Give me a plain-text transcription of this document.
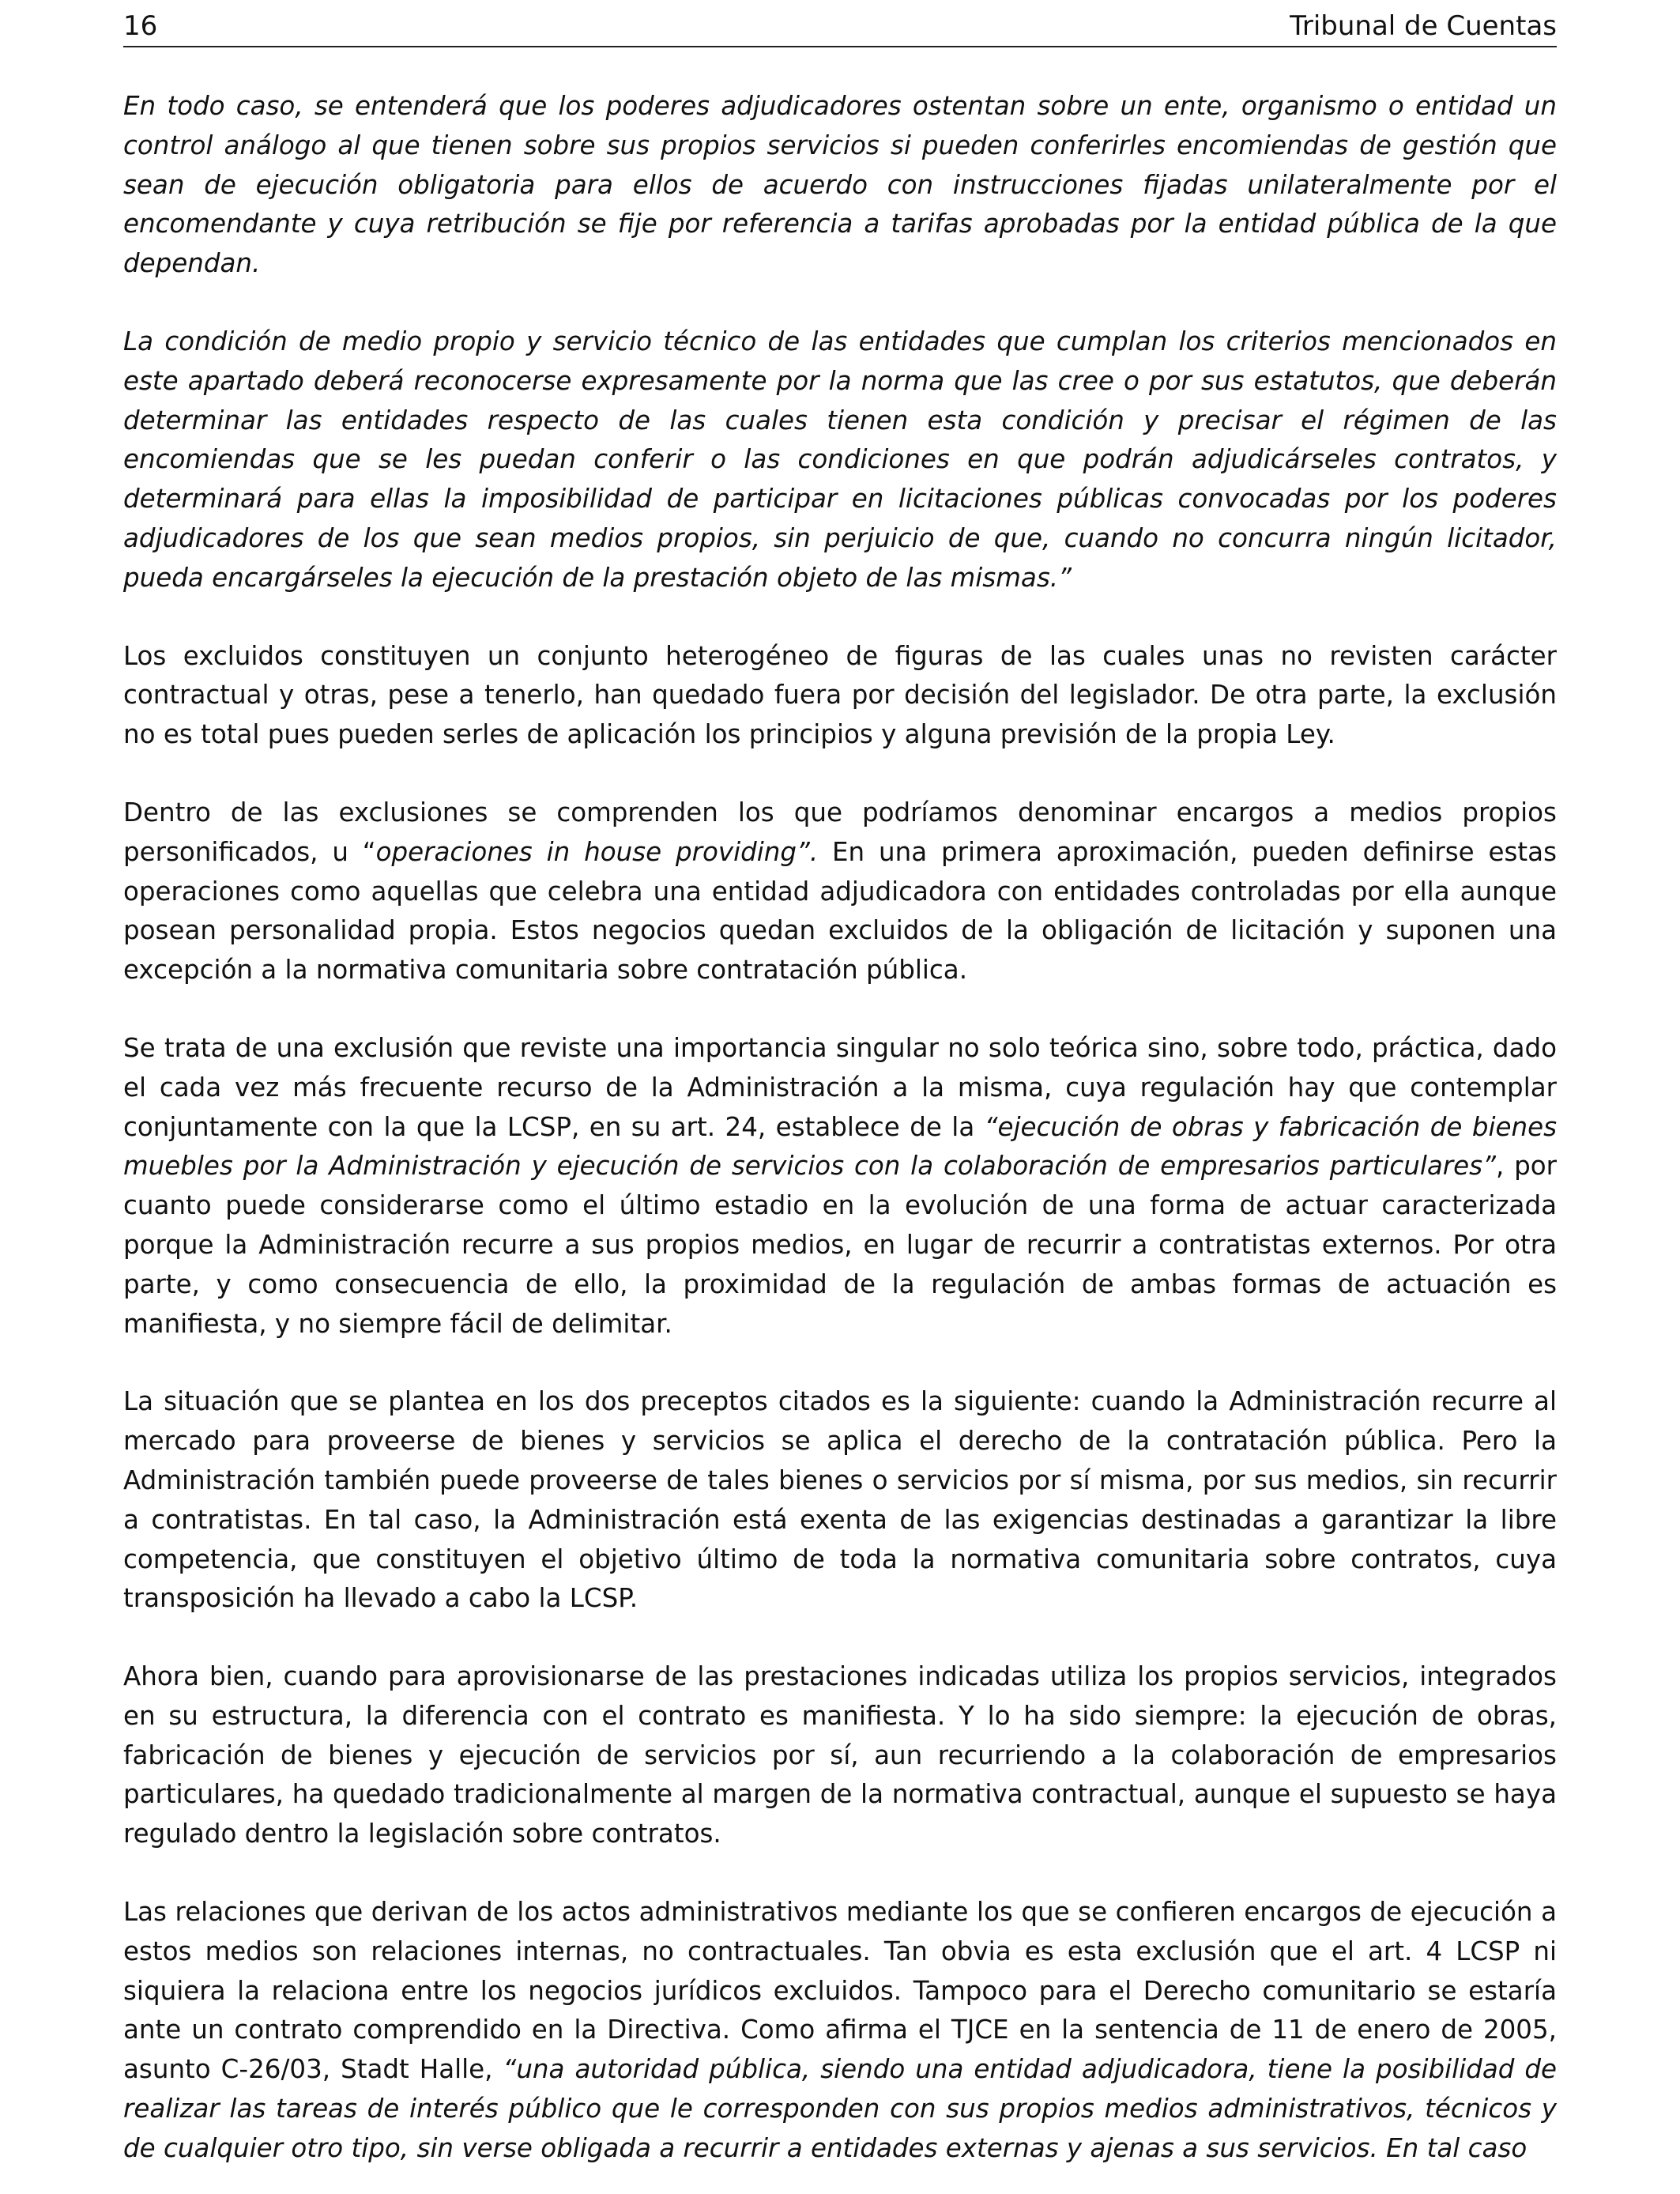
16	Tribunal de Cuentas

En todo caso, se entenderá que los poderes adjudicadores ostentan sobre un ente, organismo o entidad un control análogo al que tienen sobre sus propios servicios si pueden conferirles encomiendas de gestión que sean de ejecución obligatoria para ellos de acuerdo con instrucciones fijadas unilateralmente por el encomendante y cuya retribución se fije por referencia a tarifas aprobadas por la entidad pública de la que dependan.

La condición de medio propio y servicio técnico de las entidades que cumplan los criterios mencionados en este apartado deberá reconocerse expresamente por la norma que las cree o por sus estatutos, que deberán determinar las entidades respecto de las cuales tienen esta condición y precisar el régimen de las encomiendas que se les puedan conferir o las condiciones en que podrán adjudicárseles contratos, y determinará para ellas la imposibilidad de participar en licitaciones públicas convocadas por los poderes adjudicadores de los que sean medios propios, sin perjuicio de que, cuando no concurra ningún licitador, pueda encargárseles la ejecución de la prestación objeto de las mismas.”

Los excluidos constituyen un conjunto heterogéneo de figuras de las cuales unas no revisten carácter contractual y otras, pese a tenerlo, han quedado fuera por decisión del legislador. De otra parte, la exclusión no es total pues pueden serles de aplicación los principios y alguna previsión de la propia Ley.

Dentro de las exclusiones se comprenden los que podríamos denominar encargos a medios propios personificados, u “operaciones in house providing”. En una primera aproximación, pueden definirse estas operaciones como aquellas que celebra una entidad adjudicadora con entidades controladas por ella aunque posean personalidad propia. Estos negocios quedan excluidos de la obligación de licitación y suponen una excepción a la normativa comunitaria sobre contratación pública.

Se trata de una exclusión que reviste una importancia singular no solo teórica sino, sobre todo, práctica, dado el cada vez más frecuente recurso de la Administración a la misma, cuya regulación hay que contemplar conjuntamente con la que la LCSP, en su art. 24, establece de la “ejecución de obras y fabricación de bienes muebles por la Administración y ejecución de servicios con la colaboración de empresarios particulares”, por cuanto puede considerarse como el último estadio en la evolución de una forma de actuar caracterizada porque la Administración recurre a sus propios medios, en lugar de recurrir a contratistas externos. Por otra parte, y como consecuencia de ello, la proximidad de la regulación de ambas formas de actuación es manifiesta, y no siempre fácil de delimitar.

La situación que se plantea en los dos preceptos citados es la siguiente: cuando la Administración recurre al mercado para proveerse de bienes y servicios se aplica el derecho de la contratación pública. Pero la Administración también puede proveerse de tales bienes o servicios por sí misma, por sus medios, sin recurrir a contratistas. En tal caso, la Administración está exenta de las exigencias destinadas a garantizar la libre competencia, que constituyen el objetivo último de toda la normativa comunitaria sobre contratos, cuya transposición ha llevado a cabo la LCSP.

Ahora bien, cuando para aprovisionarse de las prestaciones indicadas utiliza los propios servicios, integrados en su estructura, la diferencia con el contrato es manifiesta. Y lo ha sido siempre: la ejecución de obras, fabricación de bienes y ejecución de servicios por sí, aun recurriendo a la colaboración de empresarios particulares, ha quedado tradicionalmente al margen de la normativa contractual, aunque el supuesto se haya regulado dentro la legislación sobre contratos.

Las relaciones que derivan de los actos administrativos mediante los que se confieren encargos de ejecución a estos medios son relaciones internas, no contractuales. Tan obvia es esta exclusión que el art. 4 LCSP ni siquiera la relaciona entre los negocios jurídicos excluidos. Tampoco para el Derecho comunitario se estaría ante un contrato comprendido en la Directiva. Como afirma el TJCE en la sentencia de 11 de enero de 2005, asunto C-26/03, Stadt Halle, “una autoridad pública, siendo una entidad adjudicadora, tiene la posibilidad de realizar las tareas de interés público que le corresponden con sus propios medios administrativos, técnicos y de cualquier otro tipo, sin verse obligada a recurrir a entidades externas y ajenas a sus servicios. En tal caso
